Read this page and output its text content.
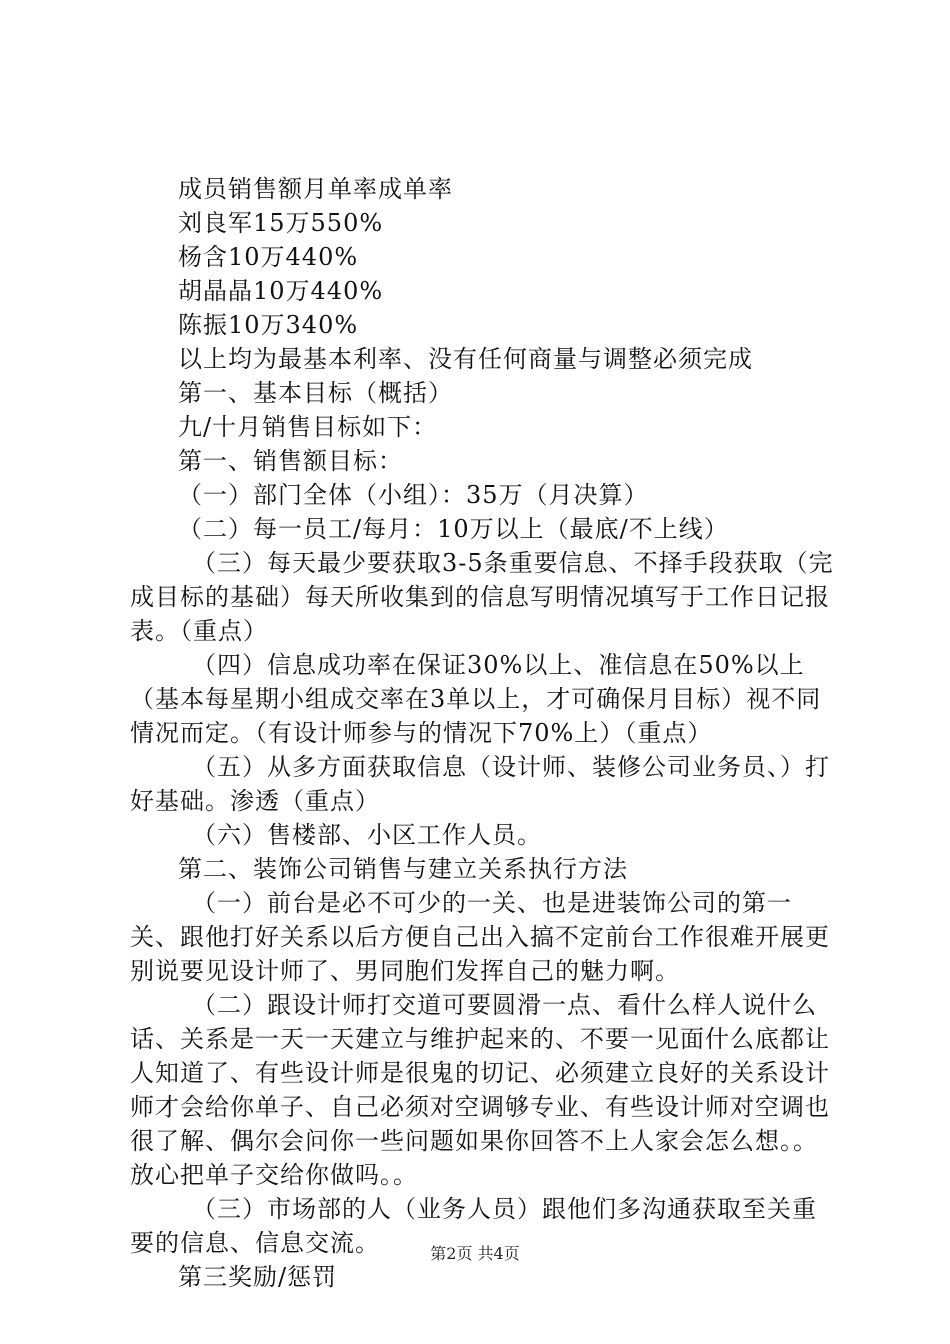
成员销售额月单率成单率

刘良军15万550%

杨含10万440%

胡晶晶10万440%

陈振10万340%

以上均为最基本利率、没有任何商量与调整必须完成

第一、基本目标（概括）

九/十月销售目标如下：

第一、销售额目标：

（一）部门全体（小组）：35万（月决算）

（二）每一员工/每月：10万以上（最底/不上线）

（三）每天最少要获取3-5条重要信息、不择手段获取（完成目标的基础）每天所收集到的信息写明情况填写于工作日记报表。（重点）

（四）信息成功率在保证30%以上、准信息在50%以上（基本每星期小组成交率在3单以上，才可确保月目标）视不同情况而定。（有设计师参与的情况下70%上）（重点）

（五）从多方面获取信息（设计师、装修公司业务员、）打好基础。渗透（重点）

（六）售楼部、小区工作人员。

第二、装饰公司销售与建立关系执行方法

（一）前台是必不可少的一关、也是进装饰公司的第一关、跟他打好关系以后方便自己出入搞不定前台工作很难开展更别说要见设计师了、男同胞们发挥自己的魅力啊。

（二）跟设计师打交道可要圆滑一点、看什么样人说什么话、关系是一天一天建立与维护起来的、不要一见面什么底都让人知道了、有些设计师是很鬼的切记、必须建立良好的关系设计师才会给你单子、自己必须对空调够专业、有些设计师对空调也很了解、偶尔会问你一些问题如果你回答不上人家会怎么想。。放心把单子交给你做吗。。

（三）市场部的人（业务人员）跟他们多沟通获取至关重要的信息、信息交流。

第三奖励/惩罚

第2页 共4页
